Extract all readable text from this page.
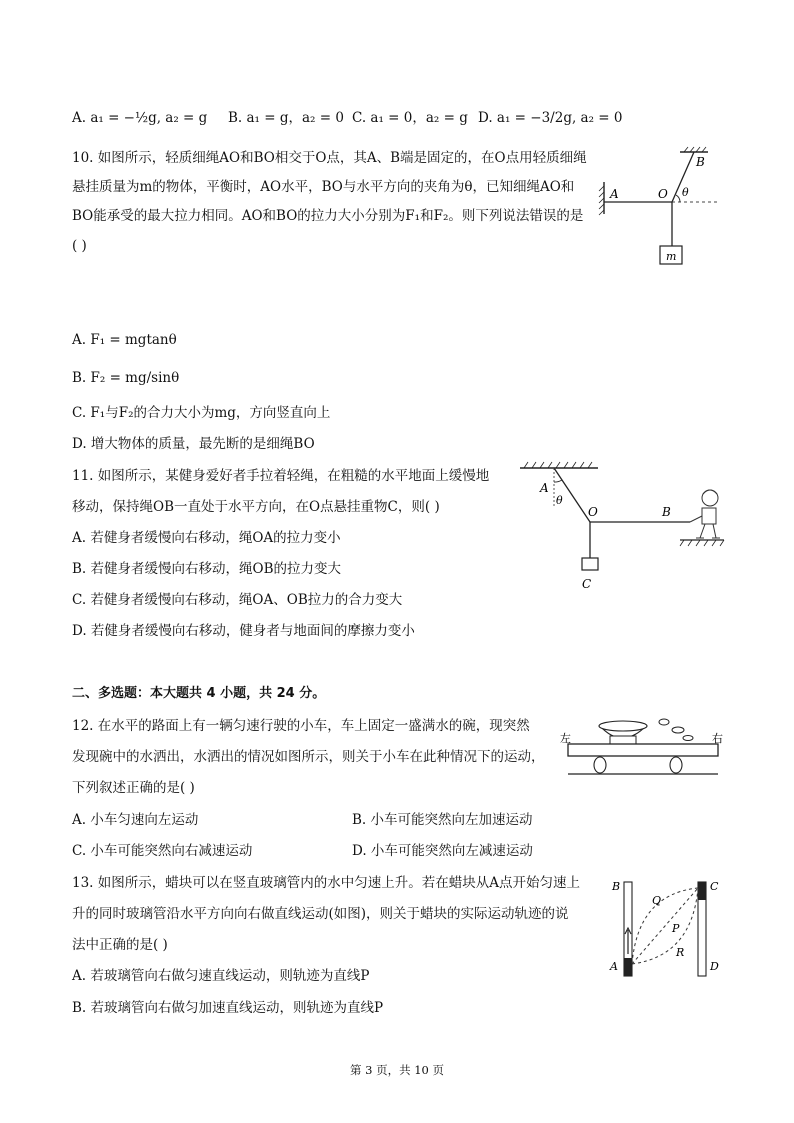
A. a₁ = −½g, a₂ = g B. a₁ = g，a₂ = 0 C. a₁ = 0，a₂ = g D. a₁ = −3/2g, a₂ = 0
10. 如图所示，轻质细绳AO和BO相交于O点，其A、B端是固定的，在O点用轻质细绳
悬挂质量为m的物体，平衡时，AO水平，BO与水平方向的夹角为θ，已知细绳AO和
BO能承受的最大拉力相同。AO和BO的拉力大小分别为F₁和F₂。则下列说法错误的是
( )
A
B
O θ
m
A. F₁ = mgtanθ
B. F₂ = mg/sinθ
C. F₁与F₂的合力大小为mg，方向竖直向上
D. 增大物体的质量，最先断的是细绳BO
11. 如图所示，某健身爱好者手拉着轻绳，在粗糙的水平地面上缓慢地
移动，保持绳OB一直处于水平方向，在O点悬挂重物C，则( )
A. 若健身者缓慢向右移动，绳OA的拉力变小
B. 若健身者缓慢向右移动，绳OB的拉力变大
C. 若健身者缓慢向右移动，绳OA、OB拉力的合力变大
D. 若健身者缓慢向右移动，健身者与地面间的摩擦力变小
A
θ
O	B
C
二、多选题：本大题共 4 小题，共 24 分。
12. 在水平的路面上有一辆匀速行驶的小车，车上固定一盛满水的碗，现突然
发现碗中的水洒出，水洒出的情况如图所示，则关于小车在此种情况下的运动，
下列叙述正确的是( )
A. 小车匀速向左运动	B. 小车可能突然向左加速运动
C. 小车可能突然向右减速运动	D. 小车可能突然向左减速运动
左	右
13. 如图所示，蜡块可以在竖直玻璃管内的水中匀速上升。若在蜡块从A点开始匀速上
升的同时玻璃管沿水平方向向右做直线运动(如图)，则关于蜡块的实际运动轨迹的说
法中正确的是( )
A. 若玻璃管向右做匀速直线运动，则轨迹为直线P
B. 若玻璃管向右做匀加速直线运动，则轨迹为直线P
B
A
C
D
Q
P
R
第 3 页，共 10 页
